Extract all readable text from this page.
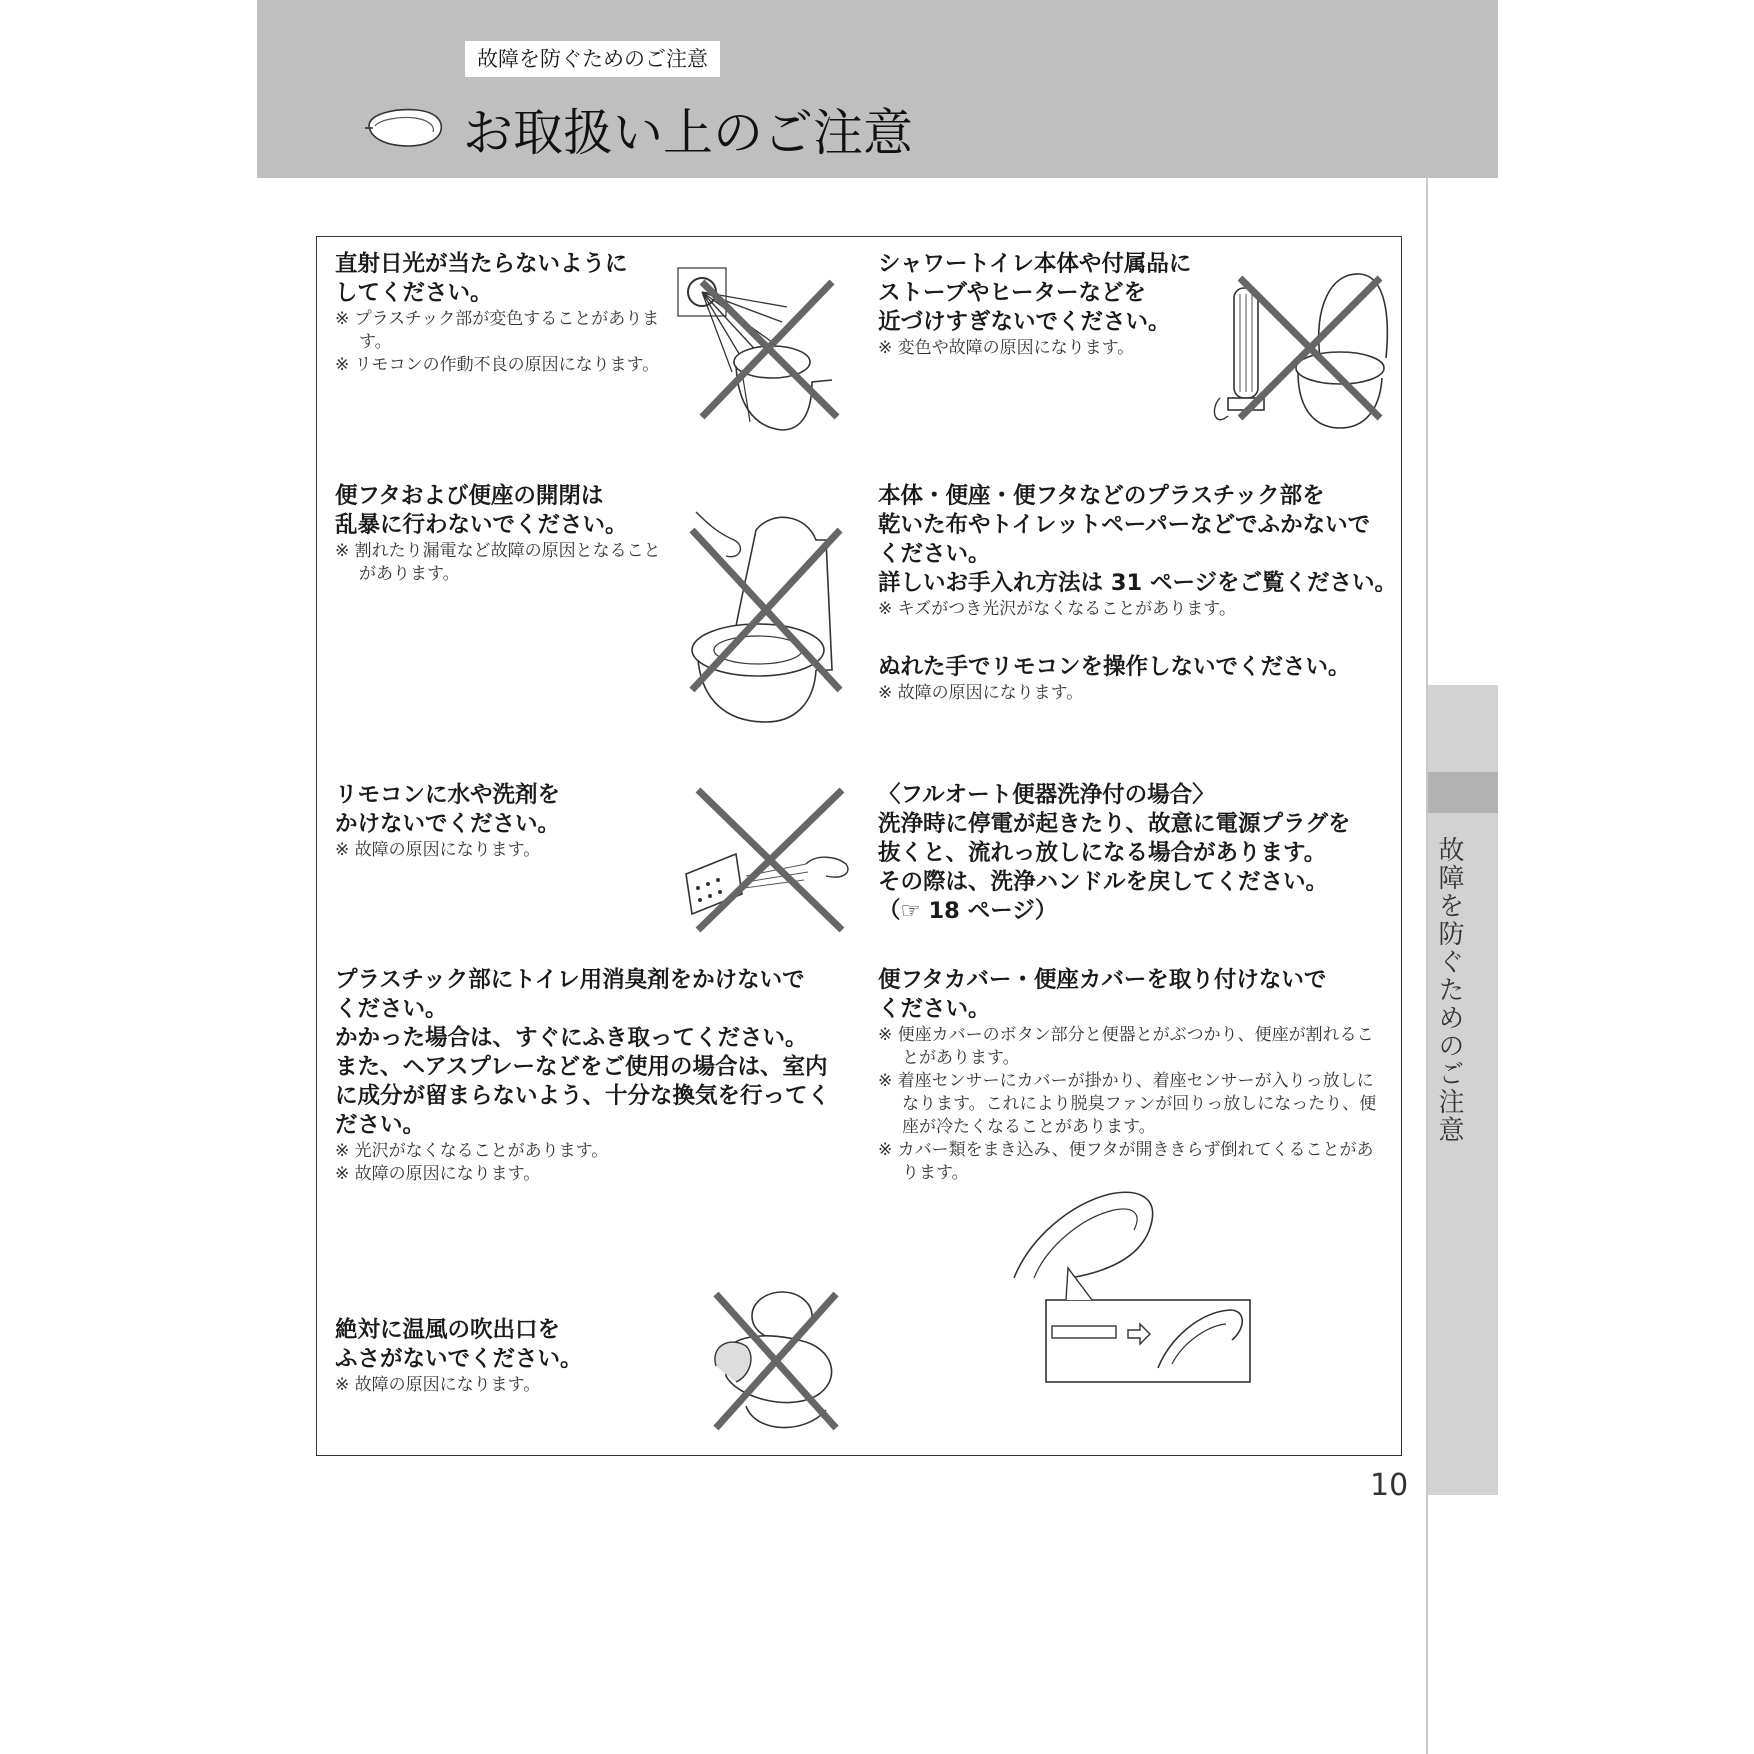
故障を防ぐためのご注意
お取扱い上のご注意
故障を防ぐためのご注意
直射日光が当たらないように
してください。
※ プラスチック部が変色することがあります。
※ リモコンの作動不良の原因になります。
シャワートイレ本体や付属品に
ストーブやヒーターなどを
近づけすぎないでください。
※ 変色や故障の原因になります。
便フタおよび便座の開閉は
乱暴に行わないでください。
※ 割れたり漏電など故障の原因となることがあります。
本体・便座・便フタなどのプラスチック部を
乾いた布やトイレットペーパーなどでふかないで
ください。
詳しいお手入れ方法は 31 ページをご覧ください。
※ キズがつき光沢がなくなることがあります。
ぬれた手でリモコンを操作しないでください。
※ 故障の原因になります。
リモコンに水や洗剤を
かけないでください。
※ 故障の原因になります。
〈フルオート便器洗浄付の場合〉
洗浄時に停電が起きたり、故意に電源プラグを
抜くと、流れっ放しになる場合があります。
その際は、洗浄ハンドルを戻してください。
（☞ 18 ページ）
プラスチック部にトイレ用消臭剤をかけないで
ください。
かかった場合は、すぐにふき取ってください。
また、ヘアスプレーなどをご使用の場合は、室内
に成分が留まらないよう、十分な換気を行ってく
ださい。
※ 光沢がなくなることがあります。
※ 故障の原因になります。
便フタカバー・便座カバーを取り付けないで
ください。
※ 便座カバーのボタン部分と便器とがぶつかり、便座が割れることがあります。
※ 着座センサーにカバーが掛かり、着座センサーが入りっ放しになります。これにより脱臭ファンが回りっ放しになったり、便座が冷たくなることがあります。
※ カバー類をまき込み、便フタが開ききらず倒れてくることがあります。
絶対に温風の吹出口を
ふさがないでください。
※ 故障の原因になります。
10
